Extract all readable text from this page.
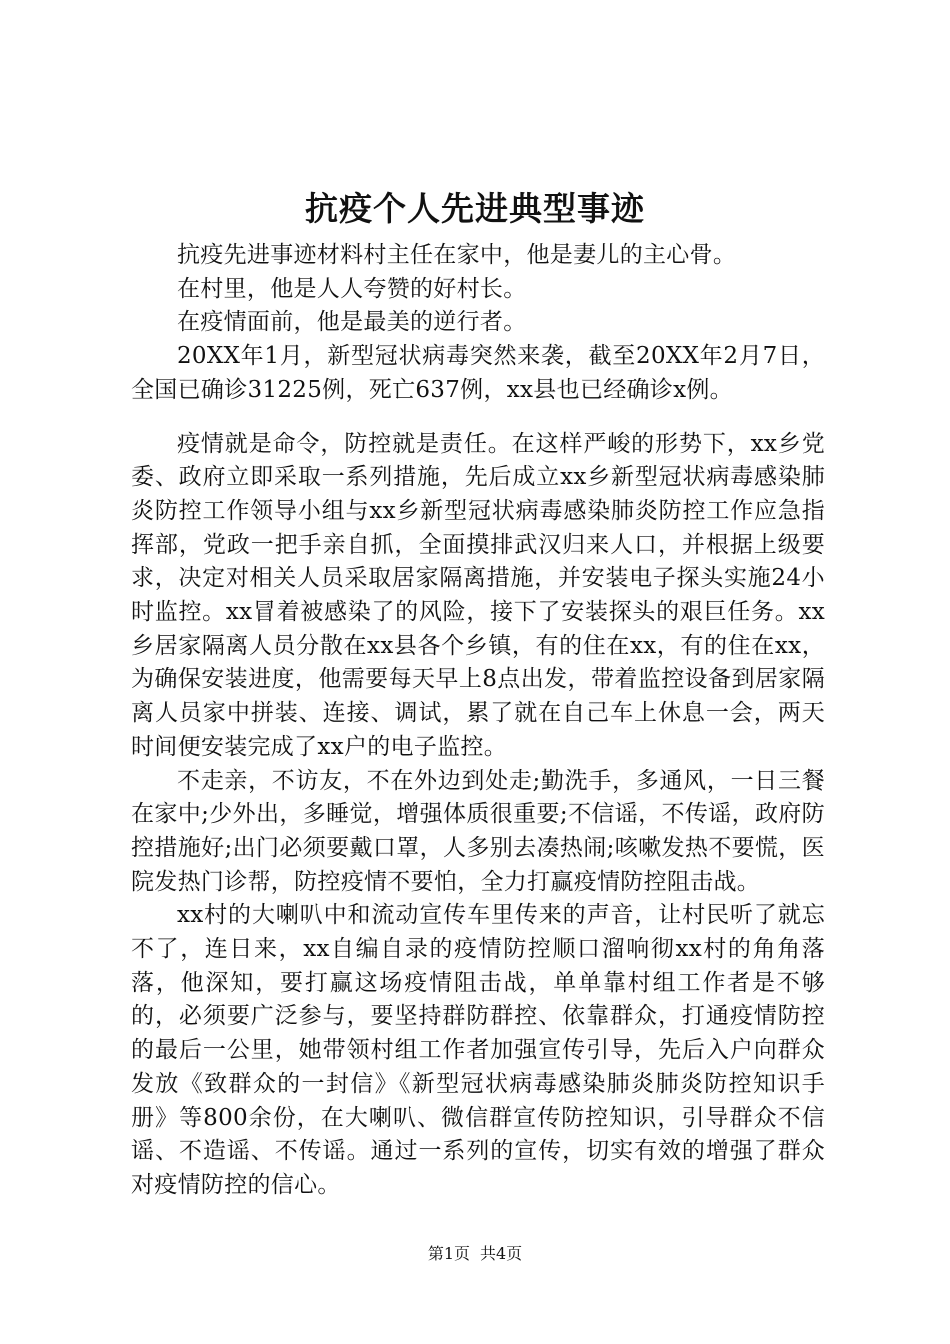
抗疫个人先进典型事迹

抗疫先进事迹材料村主任在家中，他是妻儿的主心骨。

在村里，他是人人夸赞的好村长。

在疫情面前，他是最美的逆行者。

20XX年1月，新型冠状病毒突然来袭，截至20XX年2月7日，全国已确诊31225例，死亡637例，xx县也已经确诊x例。

疫情就是命令，防控就是责任。在这样严峻的形势下，xx乡党委、政府立即采取一系列措施，先后成立xx乡新型冠状病毒感染肺炎防控工作领导小组与xx乡新型冠状病毒感染肺炎防控工作应急指挥部，党政一把手亲自抓，全面摸排武汉归来人口，并根据上级要求，决定对相关人员采取居家隔离措施，并安装电子探头实施24小时监控。xx冒着被感染了的风险，接下了安装探头的艰巨任务。xx乡居家隔离人员分散在xx县各个乡镇，有的住在xx，有的住在xx，为确保安装进度，他需要每天早上8点出发，带着监控设备到居家隔离人员家中拼装、连接、调试，累了就在自己车上休息一会，两天时间便安装完成了xx户的电子监控。

不走亲，不访友，不在外边到处走;勤洗手，多通风，一日三餐在家中;少外出，多睡觉，增强体质很重要;不信谣，不传谣，政府防控措施好;出门必须要戴口罩，人多别去凑热闹;咳嗽发热不要慌，医院发热门诊帮，防控疫情不要怕，全力打赢疫情防控阻击战。

xx村的大喇叭中和流动宣传车里传来的声音，让村民听了就忘不了，连日来，xx自编自录的疫情防控顺口溜响彻xx村的角角落落，他深知，要打赢这场疫情阻击战，单单靠村组工作者是不够的，必须要广泛参与，要坚持群防群控、依靠群众，打通疫情防控的最后一公里，她带领村组工作者加强宣传引导，先后入户向群众发放《致群众的一封信》《新型冠状病毒感染肺炎肺炎防控知识手册》等800余份，在大喇叭、微信群宣传防控知识，引导群众不信谣、不造谣、不传谣。通过一系列的宣传，切实有效的增强了群众对疫情防控的信心。

第1页 共4页
